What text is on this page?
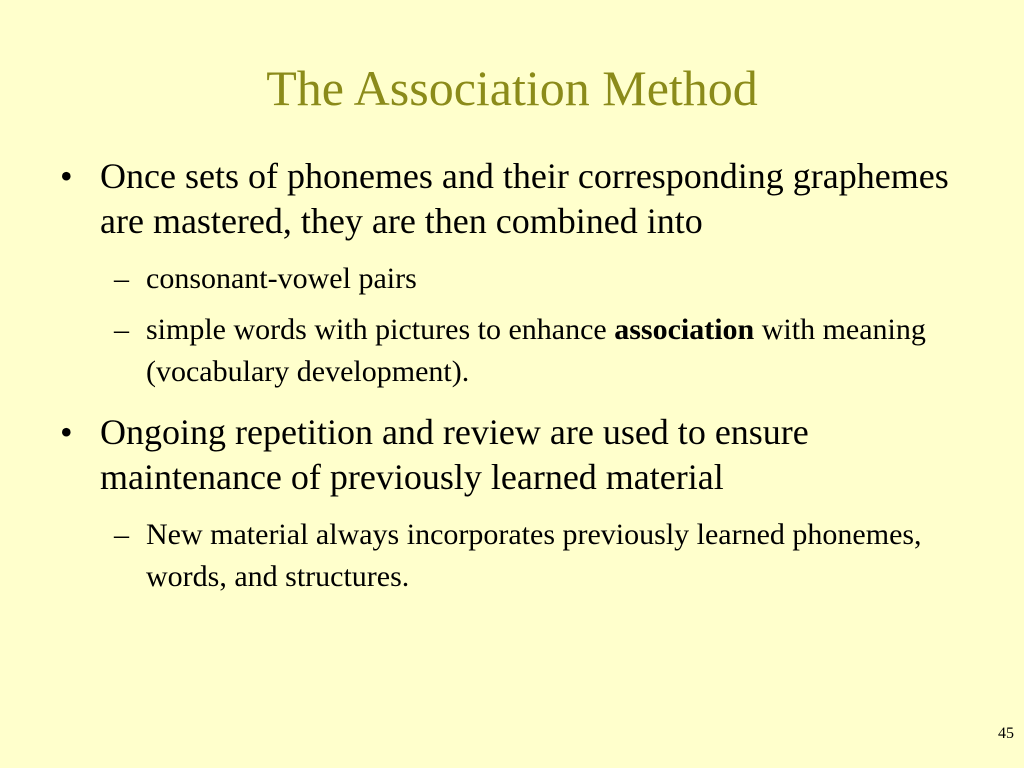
The Association Method
• Once sets of phonemes and their corresponding graphemes are mastered, they are then combined into
– consonant-vowel pairs
– simple words with pictures to enhance association with meaning (vocabulary development).
• Ongoing repetition and review are used to ensure maintenance of previously learned material
– New material always incorporates previously learned phonemes, words, and structures.
45
